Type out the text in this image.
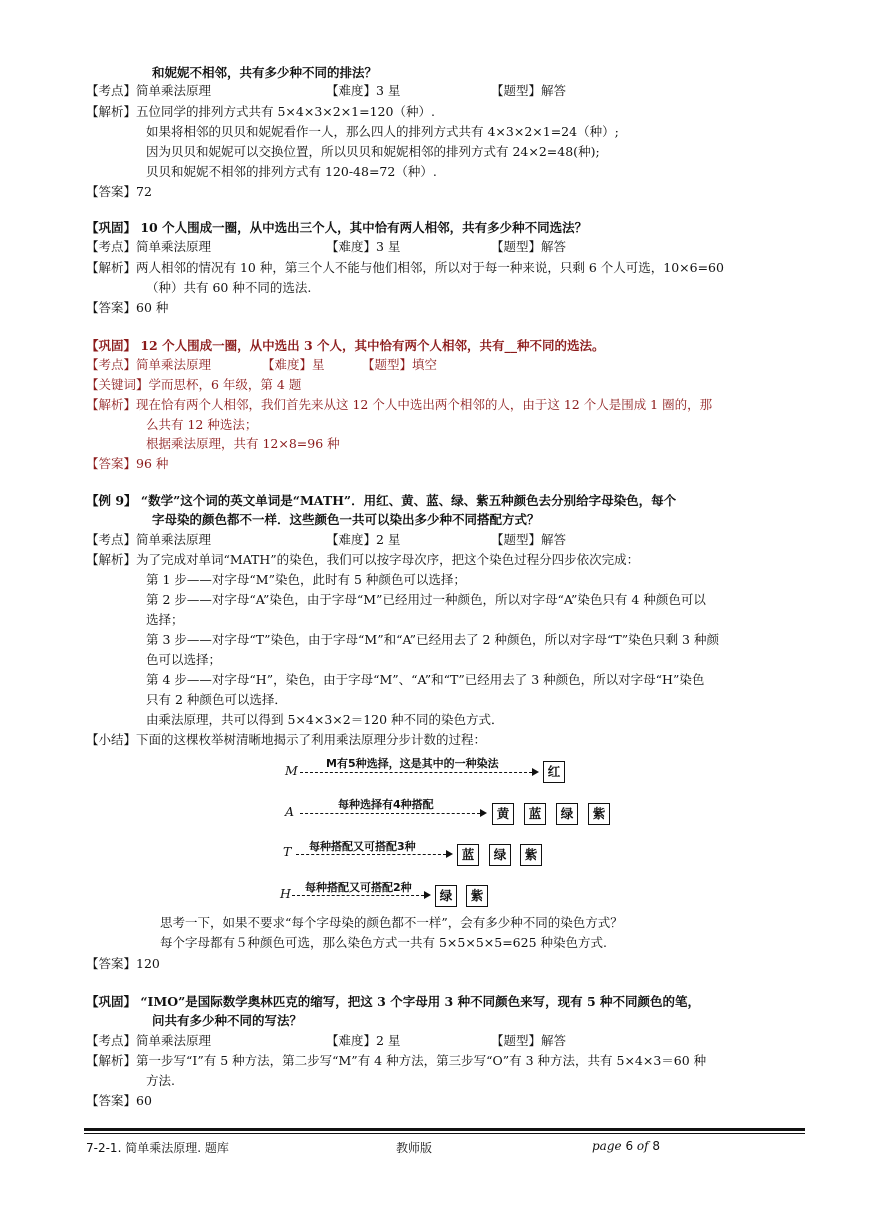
和妮妮不相邻，共有多少种不同的排法？
【考点】简单乘法原理	【难度】3 星	【题型】解答
【解析】五位同学的排列方式共有 5×4×3×2×1=120（种）.
如果将相邻的贝贝和妮妮看作一人，那么四人的排列方式共有 4×3×2×1=24（种）;
因为贝贝和妮妮可以交换位置，所以贝贝和妮妮相邻的排列方式有 24×2=48(种);
贝贝和妮妮不相邻的排列方式有 120-48=72（种）.
【答案】72
【巩固】 10 个人围成一圈，从中选出三个人，其中恰有两人相邻，共有多少种不同选法？
【考点】简单乘法原理	【难度】3 星	【题型】解答
【解析】两人相邻的情况有 10 种，第三个人不能与他们相邻，所以对于每一种来说，只剩 6 个人可选，10×6=60
（种）共有 60 种不同的选法.
【答案】60 种
【巩固】 12 个人围成一圈，从中选出 3 个人，其中恰有两个人相邻，共有__种不同的选法。
【考点】简单乘法原理	【难度】星	【题型】填空
【关键词】学而思杯，6 年级，第 4 题
【解析】现在恰有两个人相邻，我们首先来从这 12 个人中选出两个相邻的人，由于这 12 个人是围成 1 圈的，那
么共有 12 种选法；
根据乘法原理，共有 12×8=96 种
【答案】96 种
【例 9】 “数学”这个词的英文单词是“MATH”．用红、黄、蓝、绿、紫五种颜色去分别给字母染色，每个
字母染的颜色都不一样．这些颜色一共可以染出多少种不同搭配方式？
【考点】简单乘法原理	【难度】2 星	【题型】解答
【解析】为了完成对单词“MATH”的染色，我们可以按字母次序，把这个染色过程分四步依次完成：
第 1 步——对字母“M”染色，此时有 5 种颜色可以选择；
第 2 步——对字母“A”染色，由于字母“M”已经用过一种颜色，所以对字母“A”染色只有 4 种颜色可以
选择；
第 3 步——对字母“T”染色，由于字母“M”和“A”已经用去了 2 种颜色，所以对字母“T”染色只剩 3 种颜
色可以选择；
第 4 步——对字母“H”，染色，由于字母“M”、“A”和“T”已经用去了 3 种颜色，所以对字母“H”染色
只有 2 种颜色可以选择．
由乘法原理，共可以得到 5×4×3×2＝120 种不同的染色方式．
【小结】下面的这棵枚举树清晰地揭示了利用乘法原理分步计数的过程：
M	M有5种选择，这是其中的一种染法
红
A	每种选择有4种搭配
黄	蓝	绿	紫
T 每种搭配又可搭配3种
蓝	绿	紫
H 每种搭配又可搭配2种
绿	紫
思考一下，如果不要求“每个字母染的颜色都不一样”，会有多少种不同的染色方式？
每个字母都有５种颜色可选，那么染色方式一共有 5×5×5×5=625 种染色方式.
【答案】120
【巩固】 “IMO”是国际数学奥林匹克的缩写，把这 3 个字母用 3 种不同颜色来写，现有 5 种不同颜色的笔，
问共有多少种不同的写法？
【考点】简单乘法原理	【难度】2 星	【题型】解答
【解析】第一步写“I”有 5 种方法，第二步写“M”有 4 种方法，第三步写“O”有 3 种方法，共有 5×4×3＝60 种
方法.
【答案】60
7-2-1. 简单乘法原理. 题库	教师版	page 6 of 8
